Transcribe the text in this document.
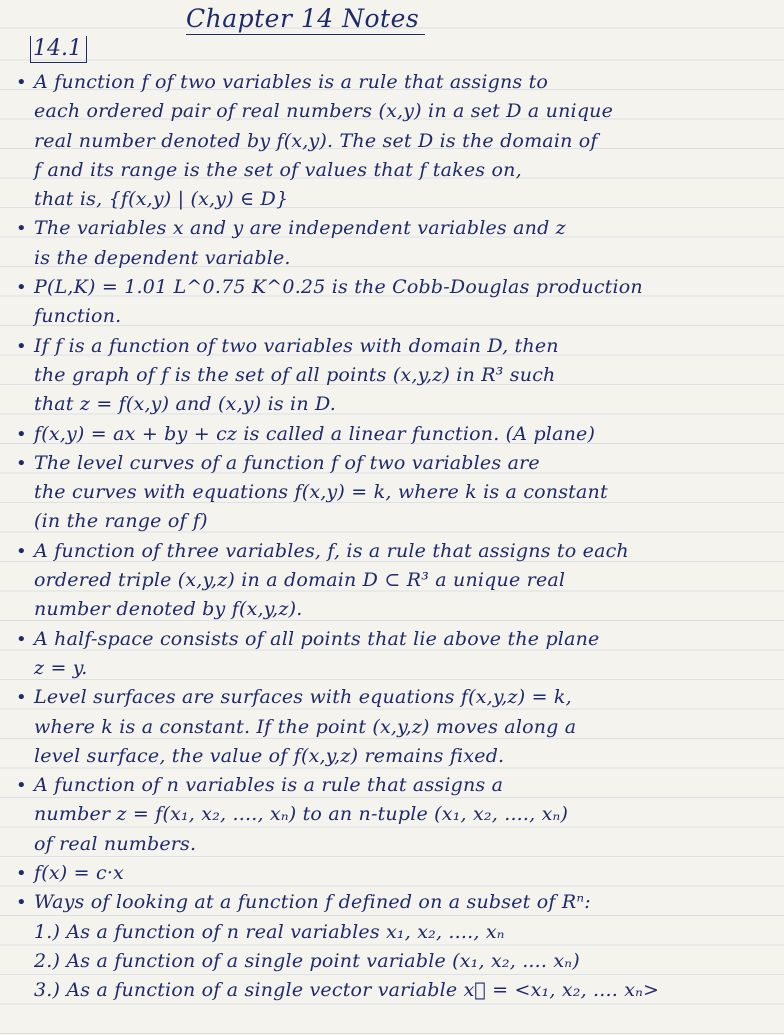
Chapter 14 Notes
14.1
• A function f of two variables is a rule that assigns to
each ordered pair of real numbers (x,y) in a set D a unique
real number denoted by f(x,y). The set D is the domain of
f and its range is the set of values that f takes on,
that is, {f(x,y) | (x,y) ∈ D}
• The variables x and y are independent variables and z
is the dependent variable.
• P(L,K) = 1.01 L^0.75 K^0.25 is the Cobb-Douglas production
function.
• If f is a function of two variables with domain D, then
the graph of f is the set of all points (x,y,z) in R³ such
that z = f(x,y) and (x,y) is in D.
• f(x,y) = ax + by + cz is called a linear function. (A plane)
• The level curves of a function f of two variables are
the curves with equations f(x,y) = k, where k is a constant
(in the range of f)
• A function of three variables, f, is a rule that assigns to each
ordered triple (x,y,z) in a domain D ⊂ R³ a unique real
number denoted by f(x,y,z).
• A half-space consists of all points that lie above the plane
z = y.
• Level surfaces are surfaces with equations f(x,y,z) = k,
where k is a constant. If the point (x,y,z) moves along a
level surface, the value of f(x,y,z) remains fixed.
• A function of n variables is a rule that assigns a
number z = f(x₁, x₂, ...., xₙ) to an n-tuple (x₁, x₂, ...., xₙ)
of real numbers.
• f(x) = c·x
• Ways of looking at a function f defined on a subset of Rⁿ:
1.) As a function of n real variables x₁, x₂, ...., xₙ
2.) As a function of a single point variable (x₁, x₂, .... xₙ)
3.) As a function of a single vector variable x⃗ = <x₁, x₂, .... xₙ>
